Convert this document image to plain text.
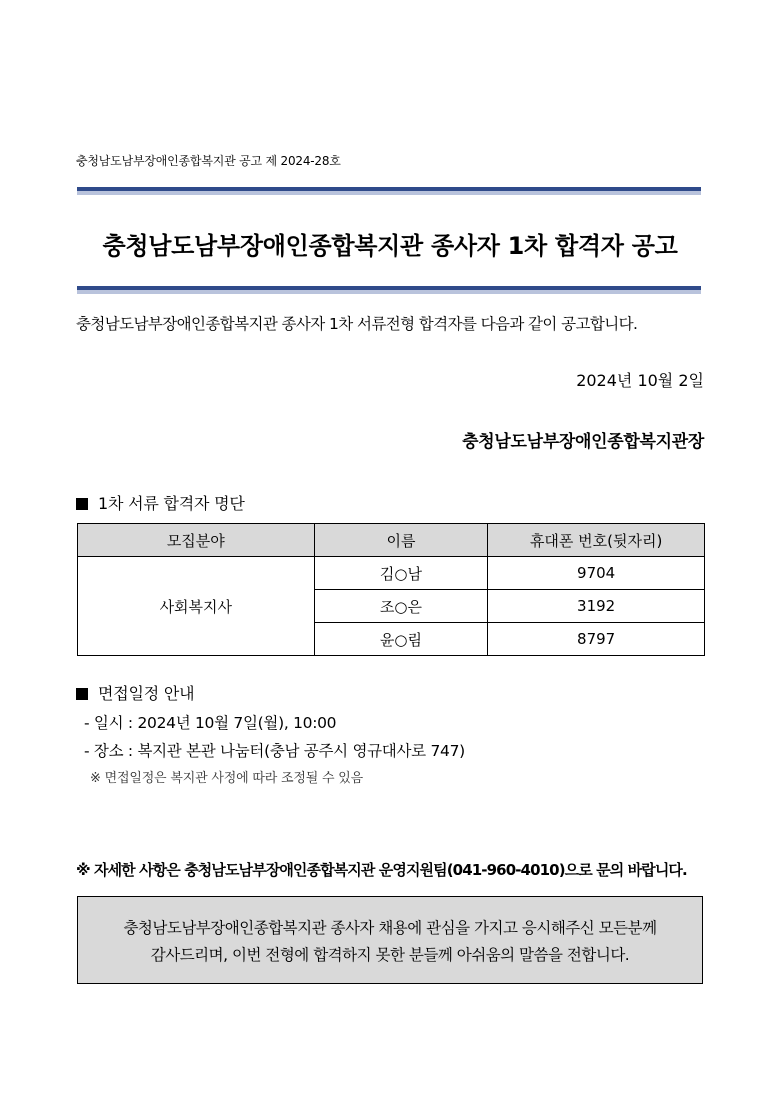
충청남도남부장애인종합복지관 공고 제 2024-28호
충청남도남부장애인종합복지관 종사자 1차 합격자 공고
충청남도남부장애인종합복지관 종사자 1차 서류전형 합격자를 다음과 같이 공고합니다.
2024년 10월 2일
충청남도남부장애인종합복지관장
1차 서류 합격자 명단
모집분야	이름	휴대폰 번호(뒷자리)
사회복지사	김○남	9704
	조○은	3192
	윤○림	8797
면접일정 안내
- 일시 : 2024년 10월 7일(월), 10:00
- 장소 : 복지관 본관 나눔터(충남 공주시 영규대사로 747)
※ 면접일정은 복지관 사정에 따라 조정될 수 있음
※ 자세한 사항은 충청남도남부장애인종합복지관 운영지원팀(041-960-4010)으로 문의 바랍니다.
충청남도남부장애인종합복지관 종사자 채용에 관심을 가지고 응시해주신 모든분께
감사드리며, 이번 전형에 합격하지 못한 분들께 아쉬움의 말씀을 전합니다.
